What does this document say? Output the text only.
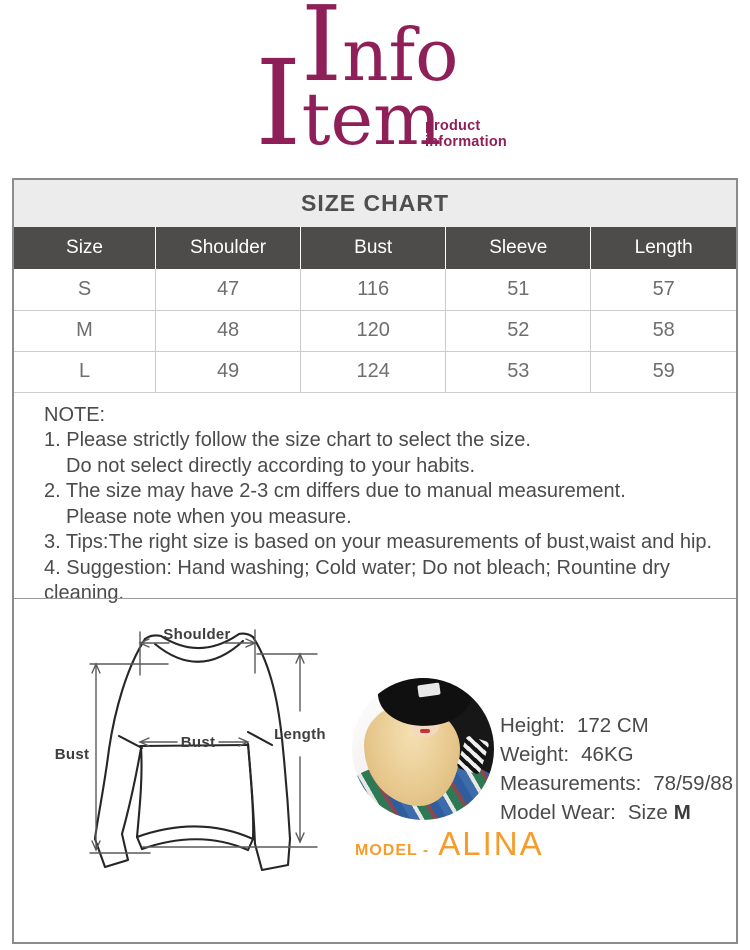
Info
Item
product
information
SIZE CHART
Size	Shoulder	Bust	Sleeve	Length
S	47	116	51	57
M	48	120	52	58
L	49	124	53	59
NOTE:
1. Please strictly follow the size chart to select the size.
Do not select directly according to your habits.
2. The size may have 2-3 cm differs due to manual measurement.
Please note when you measure.
3. Tips:The right size is based on your measurements of bust,waist and hip.
4. Suggestion: Hand washing; Cold water; Do not bleach; Rountine dry cleaning.
Shoulder
Bust
Bust
Length
MODEL - ALINA
Height: 172 CM
Weight: 46KG
Measurements: 78/59/88
Model Wear: Size M
